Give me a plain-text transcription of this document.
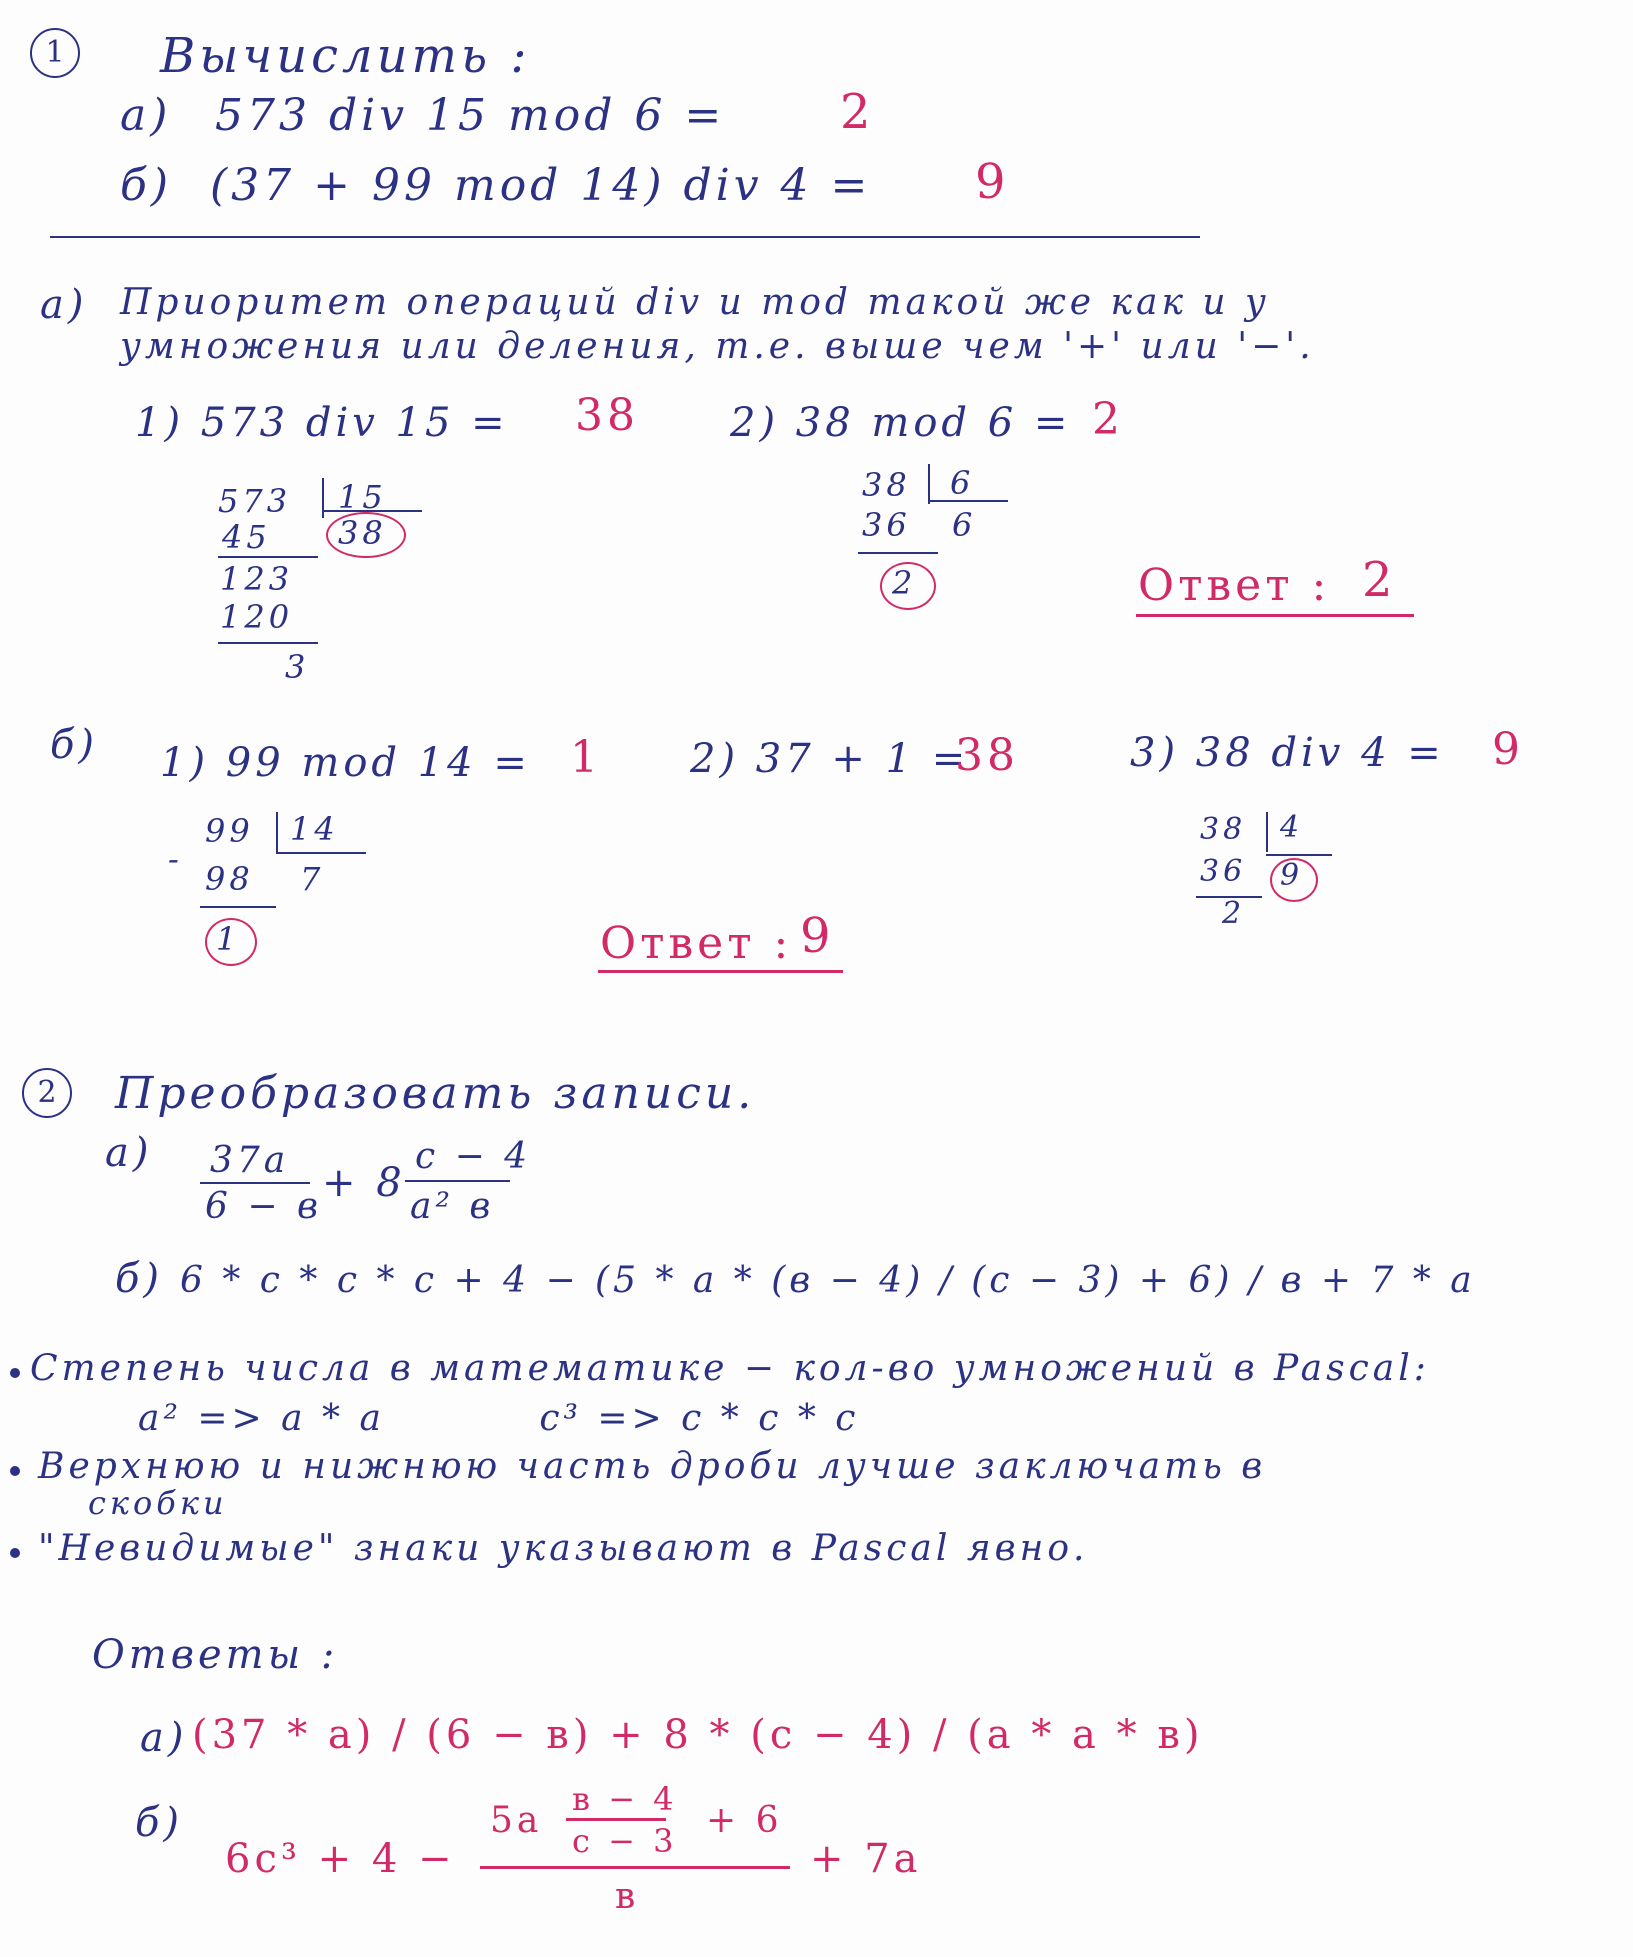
1	Вычислить :
а) 573 div 15 mod 6 = 2
б) (37 + 99 mod 14) div 4 = 9
а) Приоритет операций div и mod такой же как и у
умножения или деления, т.е. выше чем '+' или '−'.
1) 573 div 15 = 38 2) 38 mod 6 = 2
573 15
45 38
123
120
3
38 6
36 6
2	Ответ : 2
б) 1) 99 mod 14 = 1 2) 37 + 1 =
38	3) 38 div 4 = 9
-
99 14
98 7
1	Ответ : 9
38 4
36 9
2
2	Преобразовать записи.
а) 37a
6 − в
+ 8
c − 4
a² в
б) 6 * c * c * c + 4 − (5 * a * (в − 4) / (c − 3) + 6) / в + 7 * a
Степень числа в математике − кол-во умножений в Pascal:
a² => a * a          c³ => c * c * c
Верхнюю и нижнюю часть дроби лучше заключать в
скобки
"Невидимые" знаки указывают в Pascal явно.
Ответы :
а) (37 * a) / (6 − в) + 8 * (c − 4) / (a * a * в)
б)
6c³ + 4 −
5a
в − 4
c − 3 + 6
в
+ 7a
